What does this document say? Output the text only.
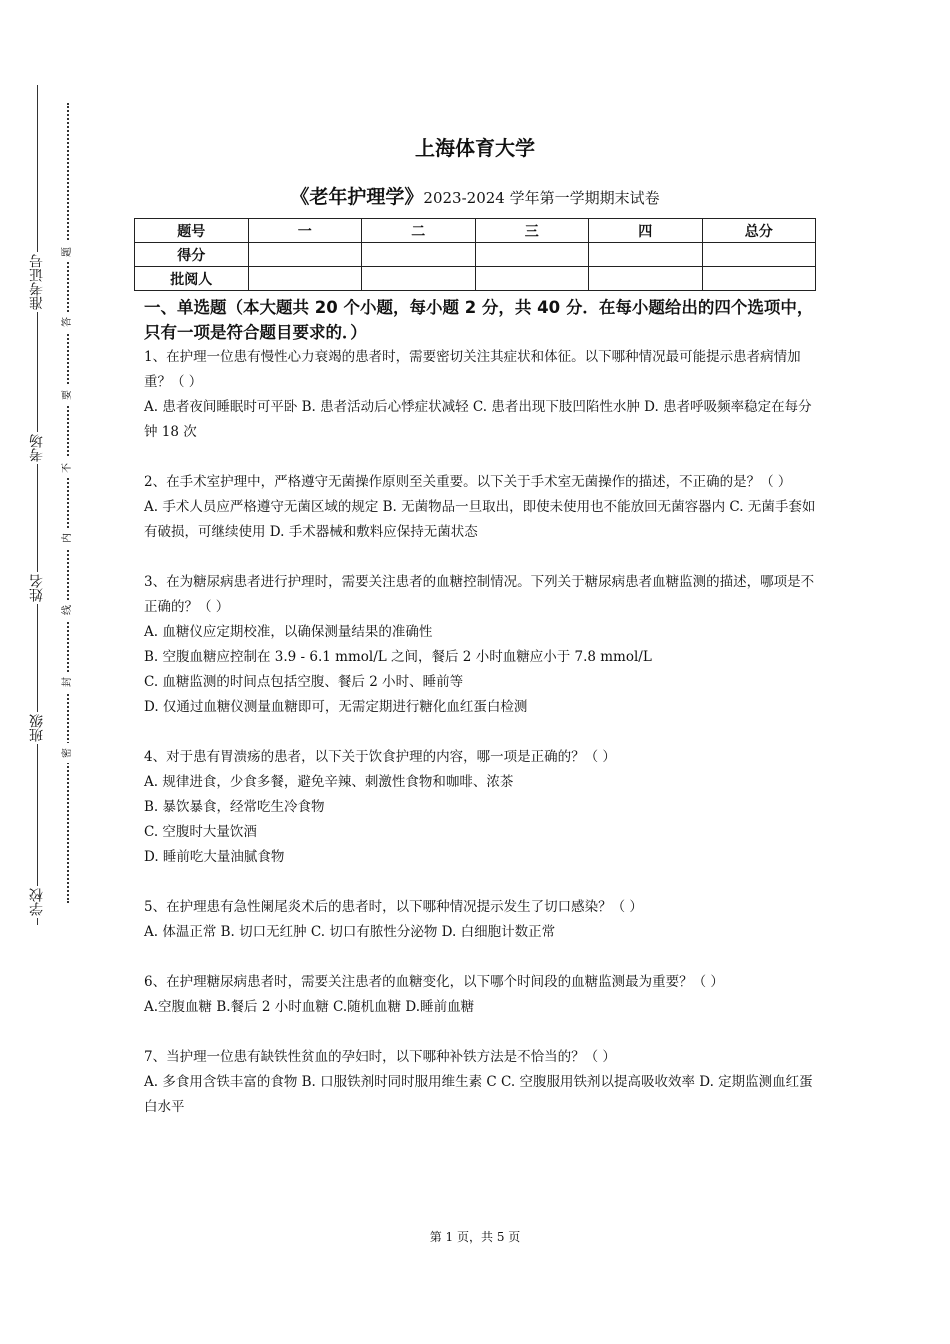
准考证号
考场
姓名
班级
学校
题
答
要
不
内
线
封
密
上海体育大学
《老年护理学》2023-2024 学年第一学期期末试卷
题号	一	二	三	四	总分
得分					
批阅人					
一、单选题（本大题共 20 个小题，每小题 2 分，共 40 分．在每小题给出的四个选项中，只有一项是符合题目要求的．）

1、在护理一位患有慢性心力衰竭的患者时，需要密切关注其症状和体征。以下哪种情况最可能提示患者病情加重？（ ）

A. 患者夜间睡眠时可平卧 B. 患者活动后心悸症状减轻 C. 患者出现下肢凹陷性水肿 D. 患者呼吸频率稳定在每分钟 18 次

2、在手术室护理中，严格遵守无菌操作原则至关重要。以下关于手术室无菌操作的描述，不正确的是？（ ）

A. 手术人员应严格遵守无菌区域的规定 B. 无菌物品一旦取出，即使未使用也不能放回无菌容器内 C. 无菌手套如有破损，可继续使用 D. 手术器械和敷料应保持无菌状态

3、在为糖尿病患者进行护理时，需要关注患者的血糖控制情况。下列关于糖尿病患者血糖监测的描述，哪项是不正确的？（ ）

A. 血糖仪应定期校准，以确保测量结果的准确性

B. 空腹血糖应控制在 3.9 - 6.1 mmol/L 之间，餐后 2 小时血糖应小于 7.8 mmol/L

C. 血糖监测的时间点包括空腹、餐后 2 小时、睡前等

D. 仅通过血糖仪测量血糖即可，无需定期进行糖化血红蛋白检测

4、对于患有胃溃疡的患者，以下关于饮食护理的内容，哪一项是正确的？（ ）

A. 规律进食，少食多餐，避免辛辣、刺激性食物和咖啡、浓茶

B. 暴饮暴食，经常吃生冷食物

C. 空腹时大量饮酒

D. 睡前吃大量油腻食物

5、在护理患有急性阑尾炎术后的患者时，以下哪种情况提示发生了切口感染？（ ）

A. 体温正常 B. 切口无红肿 C. 切口有脓性分泌物 D. 白细胞计数正常

6、在护理糖尿病患者时，需要关注患者的血糖变化，以下哪个时间段的血糖监测最为重要？（ ）

A.空腹血糖 B.餐后 2 小时血糖 C.随机血糖 D.睡前血糖

7、当护理一位患有缺铁性贫血的孕妇时，以下哪种补铁方法是不恰当的？（ ）

A. 多食用含铁丰富的食物 B. 口服铁剂时同时服用维生素 C C. 空腹服用铁剂以提高吸收效率 D. 定期监测血红蛋白水平

第 1 页，共 5 页
